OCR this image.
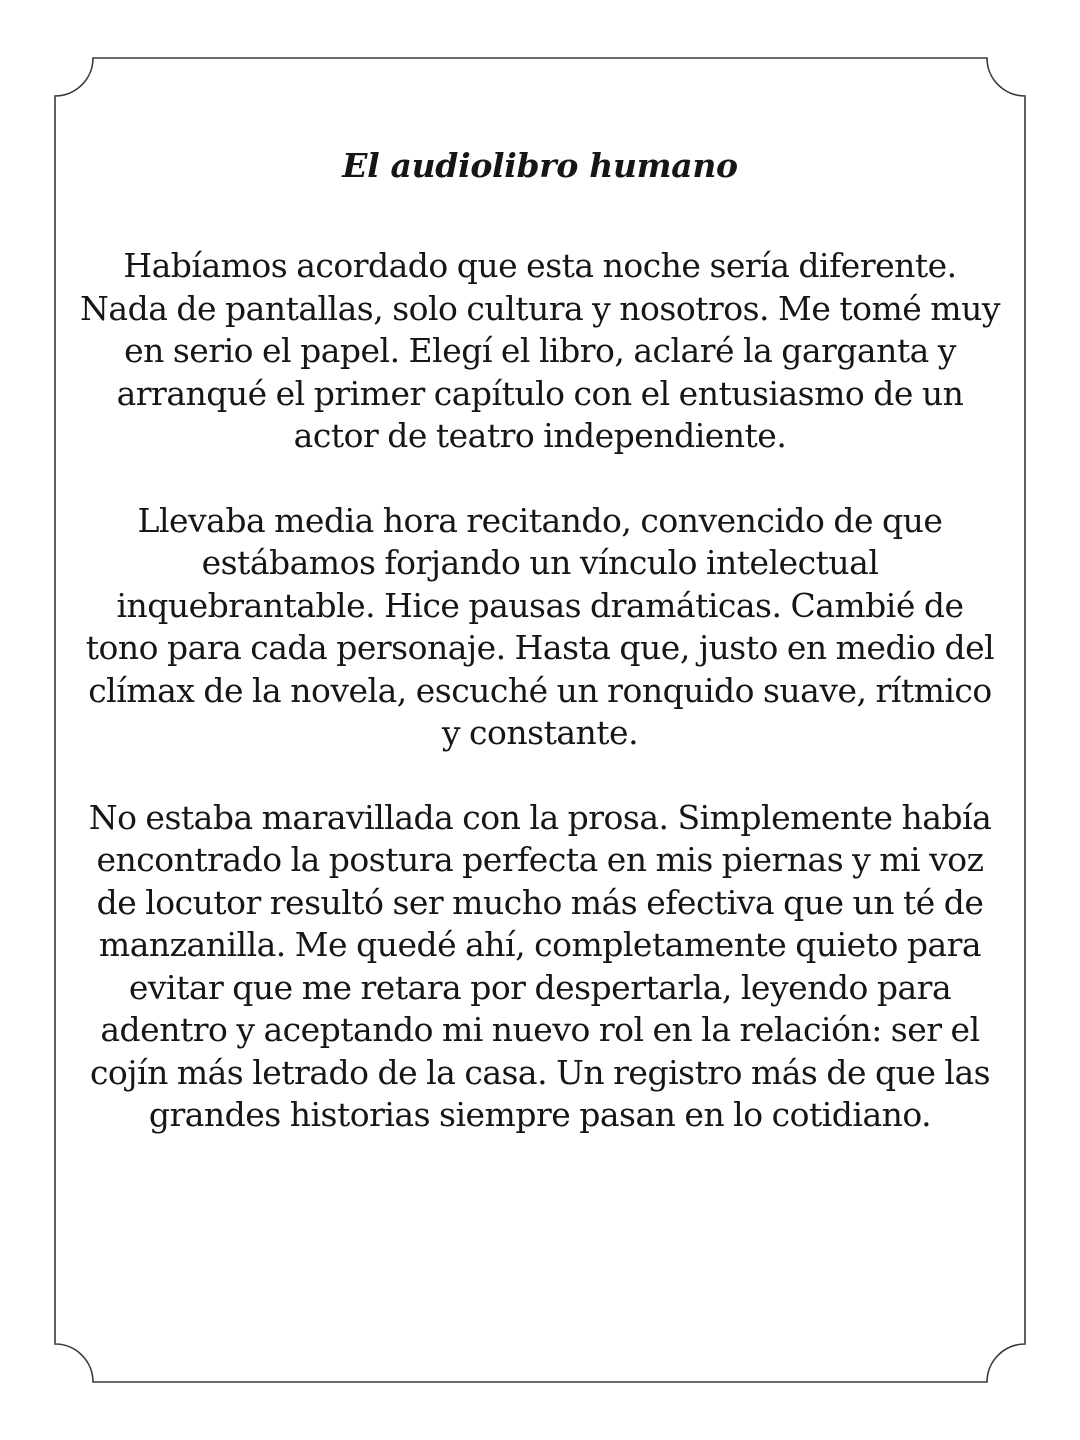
El audiolibro humano

Habíamos acordado que esta noche sería diferente. Nada de pantallas, solo cultura y nosotros. Me tomé muy en serio el papel. Elegí el libro, aclaré la garganta y arranqué el primer capítulo con el entusiasmo de un actor de teatro independiente.

Llevaba media hora recitando, convencido de que estábamos forjando un vínculo intelectual inquebrantable. Hice pausas dramáticas. Cambié de tono para cada personaje. Hasta que, justo en medio del clímax de la novela, escuché un ronquido suave, rítmico y constante.

No estaba maravillada con la prosa. Simplemente había encontrado la postura perfecta en mis piernas y mi voz de locutor resultó ser mucho más efectiva que un té de manzanilla. Me quedé ahí, completamente quieto para evitar que me retara por despertarla, leyendo para adentro y aceptando mi nuevo rol en la relación: ser el cojín más letrado de la casa. Un registro más de que las grandes historias siempre pasan en lo cotidiano.
